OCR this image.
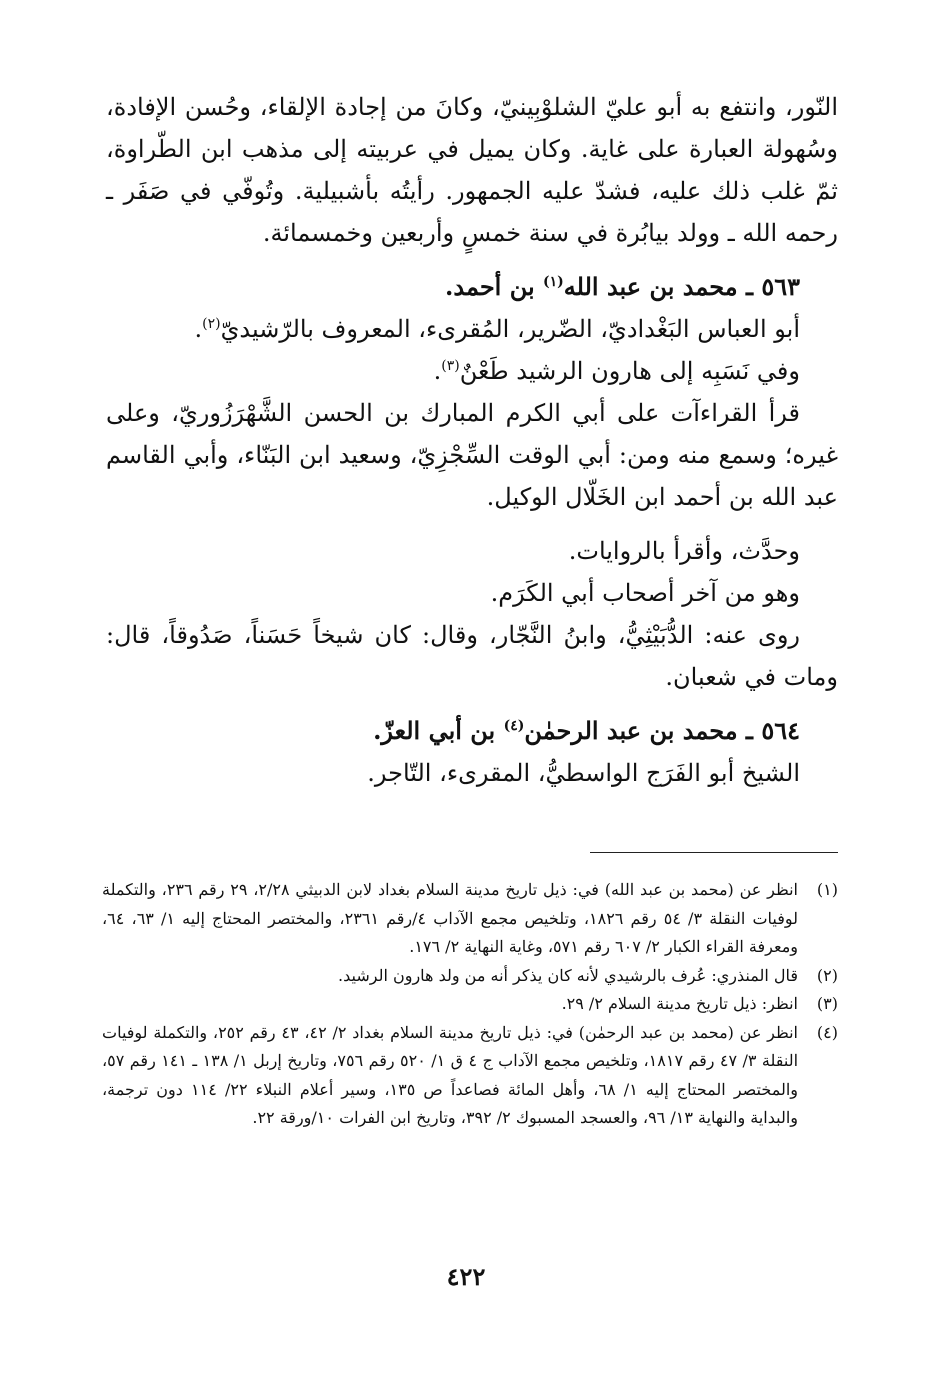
النّور، وانتفع به أبو عليّ الشلوْبِينيّ، وكانَ من إجادة الإلقاء، وحُسن الإفادة، وسُهولة العبارة على غاية. وكان يميل في عربيته إلى مذهب ابن الطّراوة، ثمّ غلب ذلك عليه، فشدّ عليه الجمهور. رأيتُه بأشبيلية. وتُوفّي في صَفَر ـ رحمه الله ـ وولد بيابُرة في سنة خمسٍ وأربعين وخمسمائة.

٥٦٣ ـ محمد بن عبد الله$^{(١)}$ بن أحمد.

أبو العباس البَغْداديّ، الضّرير، المُقرىء، المعروف بالرّشيديّ$^{(٢)}$.

وفي نَسَبِه إلى هارون الرشيد طَعْنٌ$^{(٣)}$.

قرأ القراءآت على أبي الكرم المبارك بن الحسن الشَّهْرَزُوريّ، وعلى غيره؛ وسمع منه ومن: أبي الوقت السِّجْزِيّ، وسعيد ابن البَنّاء، وأبي القاسم عبد الله بن أحمد ابن الخَلّال الوكيل.

وحدَّث، وأقرأ بالروايات.

وهو من آخر أصحاب أبي الكَرَم.

روى عنه: الدُّبَيْثِيُّ، وابنُ النَّجّار، وقال: كان شيخاً حَسَناً، صَدُوقاً، قال: ومات في شعبان.

٥٦٤ ـ محمد بن عبد الرحمٰن$^{(٤)}$ بن أبي العزّ.

الشيخ أبو الفَرَج الواسطيُّ، المقرىء، التّاجر.

(١)
انظر عن (محمد بن عبد الله) في: ذيل تاريخ مدينة السلام بغداد لابن الدبيثي ٢/٢٨، ٢٩ رقم ٢٣٦، والتكملة لوفيات النقلة ٣/ ٥٤ رقم ١٨٢٦، وتلخيص مجمع الآداب ٤/رقم ٢٣٦١، والمختصر المحتاج إليه ١/ ٦٣، ٦٤، ومعرفة القراء الكبار ٢/ ٦٠٧ رقم ٥٧١، وغاية النهاية ٢/ ١٧٦.
(٢)
قال المنذري: عُرف بالرشيدي لأنه كان يذكر أنه من ولد هارون الرشيد.
(٣)
انظر: ذيل تاريخ مدينة السلام ٢/ ٢٩.
(٤)
انظر عن (محمد بن عبد الرحمٰن) في: ذيل تاريخ مدينة السلام بغداد ٢/ ٤٢، ٤٣ رقم ٢٥٢، والتكملة لوفيات النقلة ٣/ ٤٧ رقم ١٨١٧، وتلخيص مجمع الآداب ج ٤ ق ١/ ٥٢٠ رقم ٧٥٦، وتاريخ إربل ١/ ١٣٨ ـ ١٤١ رقم ٥٧، والمختصر المحتاج إليه ١/ ٦٨، وأهل المائة فصاعداً ص ١٣٥، وسير أعلام النبلاء ٢٢/ ١١٤ دون ترجمة، والبداية والنهاية ١٣/ ٩٦، والعسجد المسبوك ٢/ ٣٩٢، وتاريخ ابن الفرات ١٠/ورقة ٢٢.
٤٢٢
